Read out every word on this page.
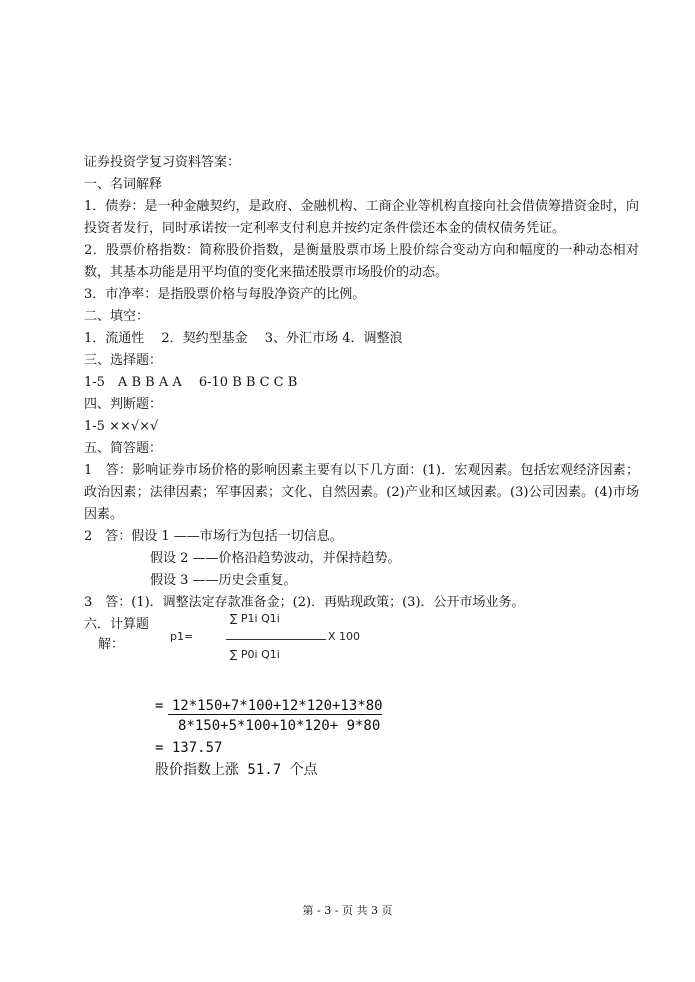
证券投资学复习资料答案：
一、名词解释
1．债券：是一种金融契约，是政府、金融机构、工商企业等机构直接向社会借债筹措资金时，向投资者发行，同时承诺按一定利率支付利息并按约定条件偿还本金的债权债务凭证。
2．股票价格指数：简称股价指数，是衡量股票市场上股价综合变动方向和幅度的一种动态相对数，其基本功能是用平均值的变化来描述股票市场股价的动态。
3．市净率：是指股票价格与每股净资产的比例。
二、填空：
1．流通性　 2．契约型基金　 3、外汇市场 4．调整浪
三、选择题：
1-5　A B B A A　 6-10 B B C C B
四、判断题：
1-5 ××√×√
五、简答题：
1　答：影响证券市场价格的影响因素主要有以下几方面：(1)．宏观因素。包括宏观经济因素；政治因素；法律因素；军事因素；文化、自然因素。(2)产业和区域因素。(3)公司因素。(4)市场因素。
2　答：假设 1 ——市场行为包括一切信息。
假设 2 ——价格沿趋势波动，并保持趋势。
假设 3 ——历史会重复。
3　答：(1)．调整法定存款准备金；(2)．再贴现政策；(3)．公开市场业务。
六．计算题
解：
p1=
∑ P1i Q1i
∑ P0i Q1i
X 100
= 12*150+7*100+12*120+13*80
8*150+5*100+10*120+ 9*80
= 137.57
股价指数上涨 51.7 个点
第 - 3 - 页 共 3 页
